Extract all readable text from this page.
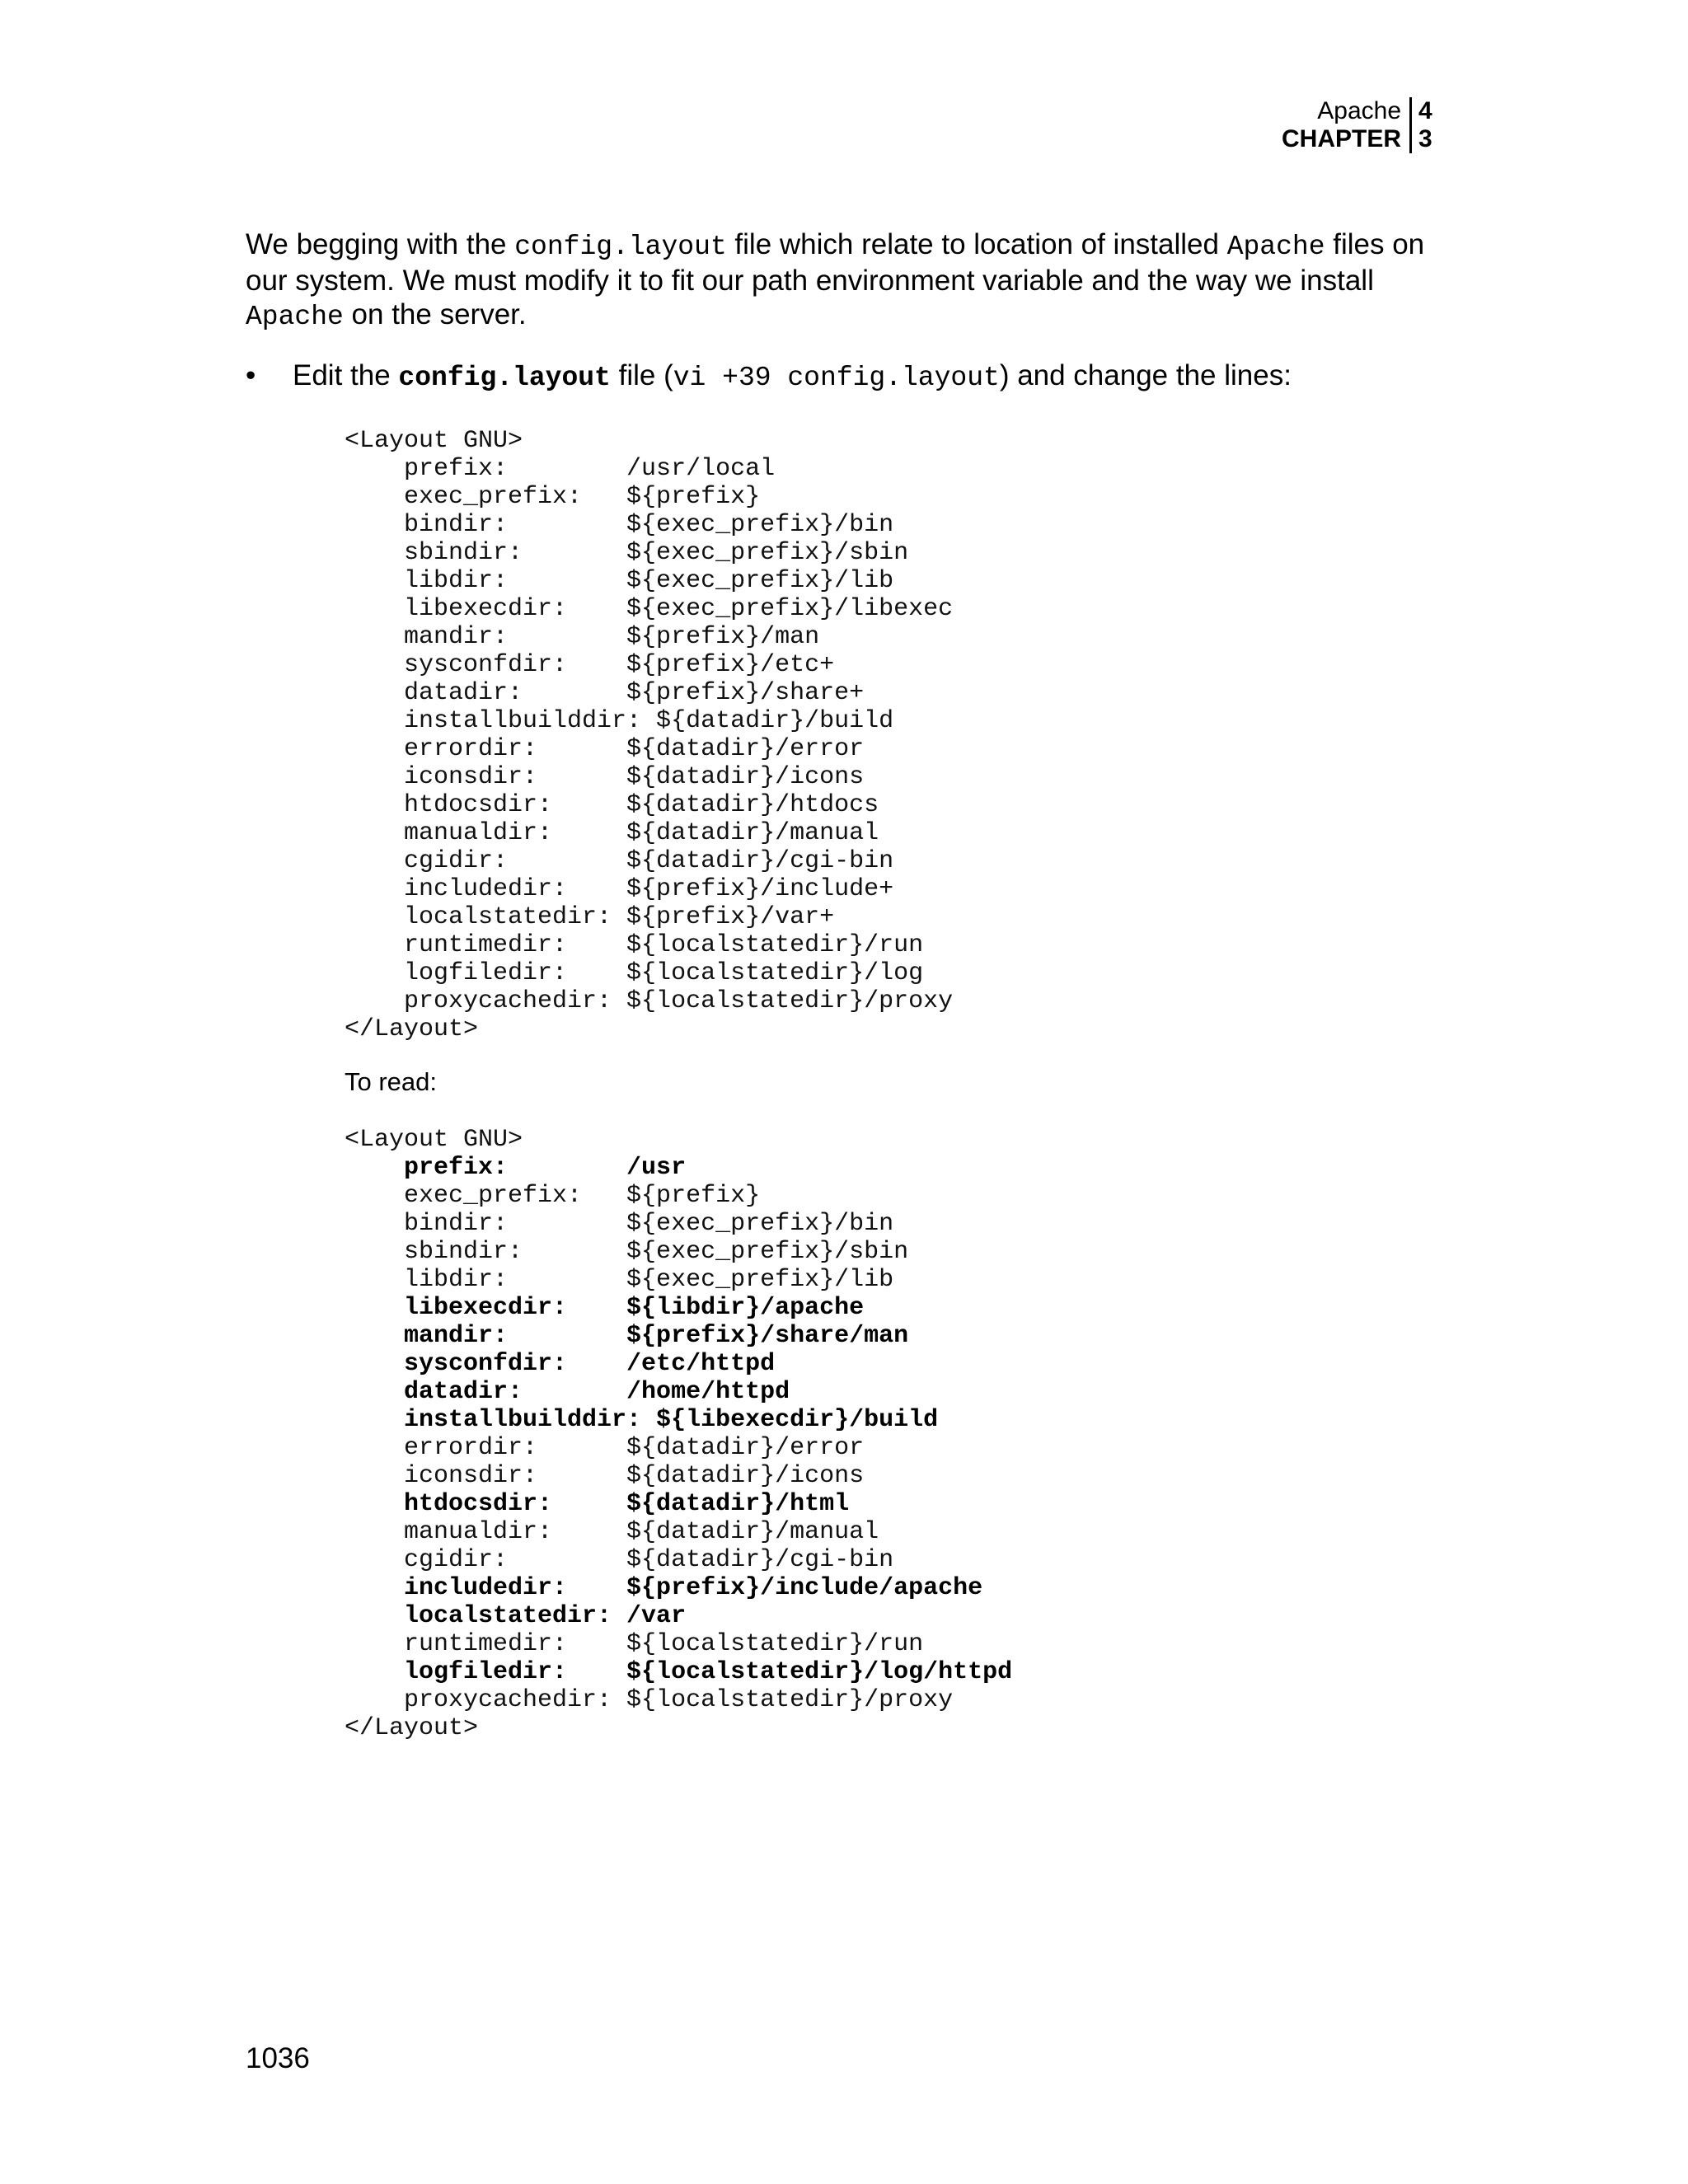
Apache 4
CHAPTER 3
We begging with the config.layout file which relate to location of installed Apache files on our system. We must modify it to fit our path environment variable and the way we install Apache on the server.
• Edit the config.layout file (vi +39 config.layout) and change the lines:
<Layout GNU>
prefix:        /usr/local
exec_prefix:   ${prefix}
bindir:        ${exec_prefix}/bin
sbindir:       ${exec_prefix}/sbin
libdir:        ${exec_prefix}/lib
libexecdir:    ${exec_prefix}/libexec
mandir:        ${prefix}/man
sysconfdir:    ${prefix}/etc+
datadir:       ${prefix}/share+
installbuilddir: ${datadir}/build
errordir:      ${datadir}/error
iconsdir:      ${datadir}/icons
htdocsdir:     ${datadir}/htdocs
manualdir:     ${datadir}/manual
cgidir:        ${datadir}/cgi-bin
includedir:    ${prefix}/include+
localstatedir: ${prefix}/var+
runtimedir:    ${localstatedir}/run
logfiledir:    ${localstatedir}/log
proxycachedir: ${localstatedir}/proxy
</Layout>
To read:
<Layout GNU>
prefix:        /usr
exec_prefix:   ${prefix}
bindir:        ${exec_prefix}/bin
sbindir:       ${exec_prefix}/sbin
libdir:        ${exec_prefix}/lib
libexecdir:    ${libdir}/apache
mandir:        ${prefix}/share/man
sysconfdir:    /etc/httpd
datadir:       /home/httpd
installbuilddir: ${libexecdir}/build
errordir:      ${datadir}/error
iconsdir:      ${datadir}/icons
htdocsdir:     ${datadir}/html
manualdir:     ${datadir}/manual
cgidir:        ${datadir}/cgi-bin
includedir:    ${prefix}/include/apache
localstatedir: /var
runtimedir:    ${localstatedir}/run
logfiledir:    ${localstatedir}/log/httpd
proxycachedir: ${localstatedir}/proxy
</Layout>
1036
